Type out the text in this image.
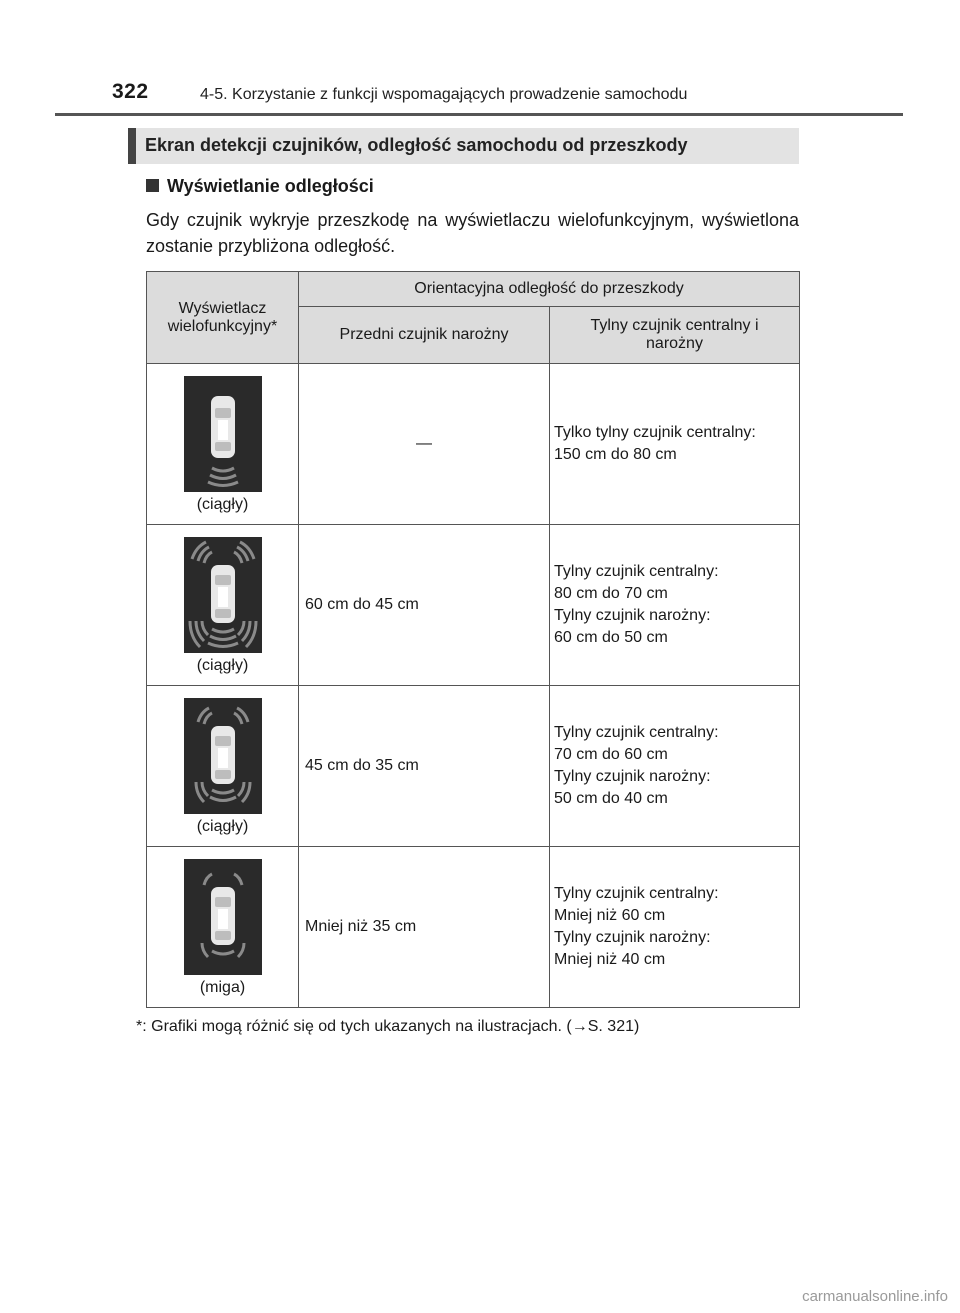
322	4-5. Korzystanie z funkcji wspomagających prowadzenie samochodu
Ekran detekcji czujników, odległość samochodu od przeszkody
Wyświetlanie odległości
Gdy czujnik wykryje przeszkodę na wyświetlaczu wielofunkcyjnym, wyświetlona zostanie przybliżona odległość.
Wyświetlacz wielofunkcyjny*	Orientacyjna odległość do przeszkody	
	Przedni czujnik narożny	Tylny czujnik centralny i narożny

(ciągły)	—	Tylko tylny czujnik centralny:
150 cm do 80 cm

(ciągły)	60 cm do 45 cm	Tylny czujnik centralny:
80 cm do 70 cm
Tylny czujnik narożny:
60 cm do 50 cm

(ciągły)	45 cm do 35 cm	Tylny czujnik centralny:
70 cm do 60 cm
Tylny czujnik narożny:
50 cm do 40 cm

(miga)	Mniej niż 35 cm	Tylny czujnik centralny:
Mniej niż 60 cm
Tylny czujnik narożny:
Mniej niż 40 cm
*: Grafiki mogą różnić się od tych ukazanych na ilustracjach. (→S. 321)
carmanualsonline.info
